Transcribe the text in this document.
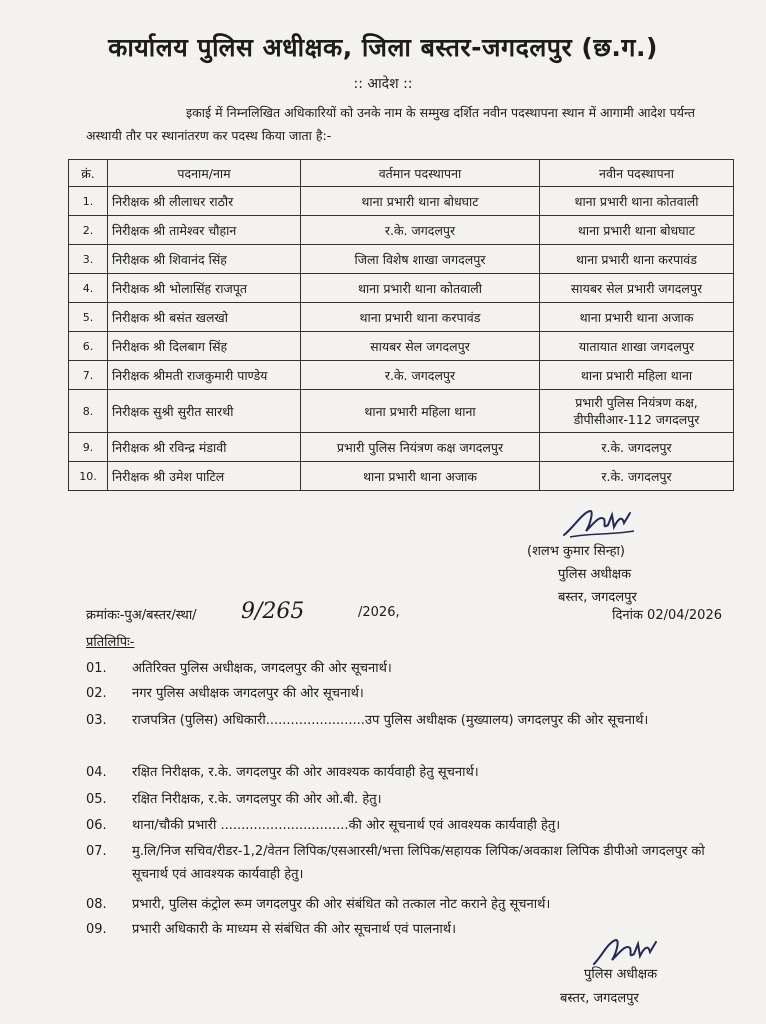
कार्यालय पुलिस अधीक्षक, जिला बस्तर-जगदलपुर (छ.ग.)
:: आदेश ::
इकाई में निम्नलिखित अधिकारियों को उनके नाम के सम्मुख दर्शित नवीन पदस्थापना स्थान में आगामी आदेश पर्यन्त अस्थायी तौर पर स्थानांतरण कर पदस्थ किया जाता है:-
क्रं.	पदनाम/नाम	वर्तमान पदस्थापना	नवीन पदस्थापना
1.	निरीक्षक श्री लीलाधर राठौर	थाना प्रभारी थाना बोधघाट	थाना प्रभारी थाना कोतवाली
2.	निरीक्षक श्री तामेश्वर चौहान	र.के. जगदलपुर	थाना प्रभारी थाना बोधघाट
3.	निरीक्षक श्री शिवानंद सिंह	जिला विशेष शाखा जगदलपुर	थाना प्रभारी थाना करपावंड
4.	निरीक्षक श्री भोलासिंह राजपूत	थाना प्रभारी थाना कोतवाली	सायबर सेल प्रभारी जगदलपुर
5.	निरीक्षक श्री बसंत खलखो	थाना प्रभारी थाना करपावंड	थाना प्रभारी थाना अजाक
6.	निरीक्षक श्री दिलबाग सिंह	सायबर सेल जगदलपुर	यातायात शाखा जगदलपुर
7.	निरीक्षक श्रीमती राजकुमारी पाण्डेय	र.के. जगदलपुर	थाना प्रभारी महिला थाना
8.	निरीक्षक सुश्री सुरीत सारथी	थाना प्रभारी महिला थाना	प्रभारी पुलिस नियंत्रण कक्ष,
डीपीसीआर-112 जगदलपुर

9.	निरीक्षक श्री रविन्द्र मंडावी	प्रभारी पुलिस नियंत्रण कक्ष जगदलपुर	र.के. जगदलपुर
10.	निरीक्षक श्री उमेश पाटिल	थाना प्रभारी थाना अजाक	र.के. जगदलपुर
(शलभ कुमार सिन्हा)
पुलिस अधीक्षक
बस्तर, जगदलपुर
क्रमांकः-पुअ/बस्तर/स्था/ 9/265	/2026,	दिनांक 02/04/2026
प्रतिलिपिः-
01. अतिरिक्त पुलिस अधीक्षक, जगदलपुर की ओर सूचनार्थ।
02. नगर पुलिस अधीक्षक जगदलपुर की ओर सूचनार्थ।
03. राजपत्रित (पुलिस) अधिकारी........................उप पुलिस अधीक्षक (मुख्यालय) जगदलपुर की ओर सूचनार्थ।
04. रक्षित निरीक्षक, र.के. जगदलपुर की ओर आवश्यक कार्यवाही हेतु सूचनार्थ।
05. रक्षित निरीक्षक, र.के. जगदलपुर की ओर ओ.बी. हेतु।
06. थाना/चौकी प्रभारी ...............................की ओर सूचनार्थ एवं आवश्यक कार्यवाही हेतु।
07. मु.लि/निज सचिव/रीडर-1,2/वेतन लिपिक/एसआरसी/भत्ता लिपिक/सहायक लिपिक/अवकाश लिपिक डीपीओ जगदलपुर को सूचनार्थ एवं आवश्यक कार्यवाही हेतु।
08. प्रभारी, पुलिस कंट्रोल रूम जगदलपुर की ओर संबंधित को तत्काल नोट कराने हेतु सूचनार्थ।
09. प्रभारी अधिकारी के माध्यम से संबंधित की ओर सूचनार्थ एवं पालनार्थ।
पुलिस अधीक्षक
बस्तर, जगदलपुर
